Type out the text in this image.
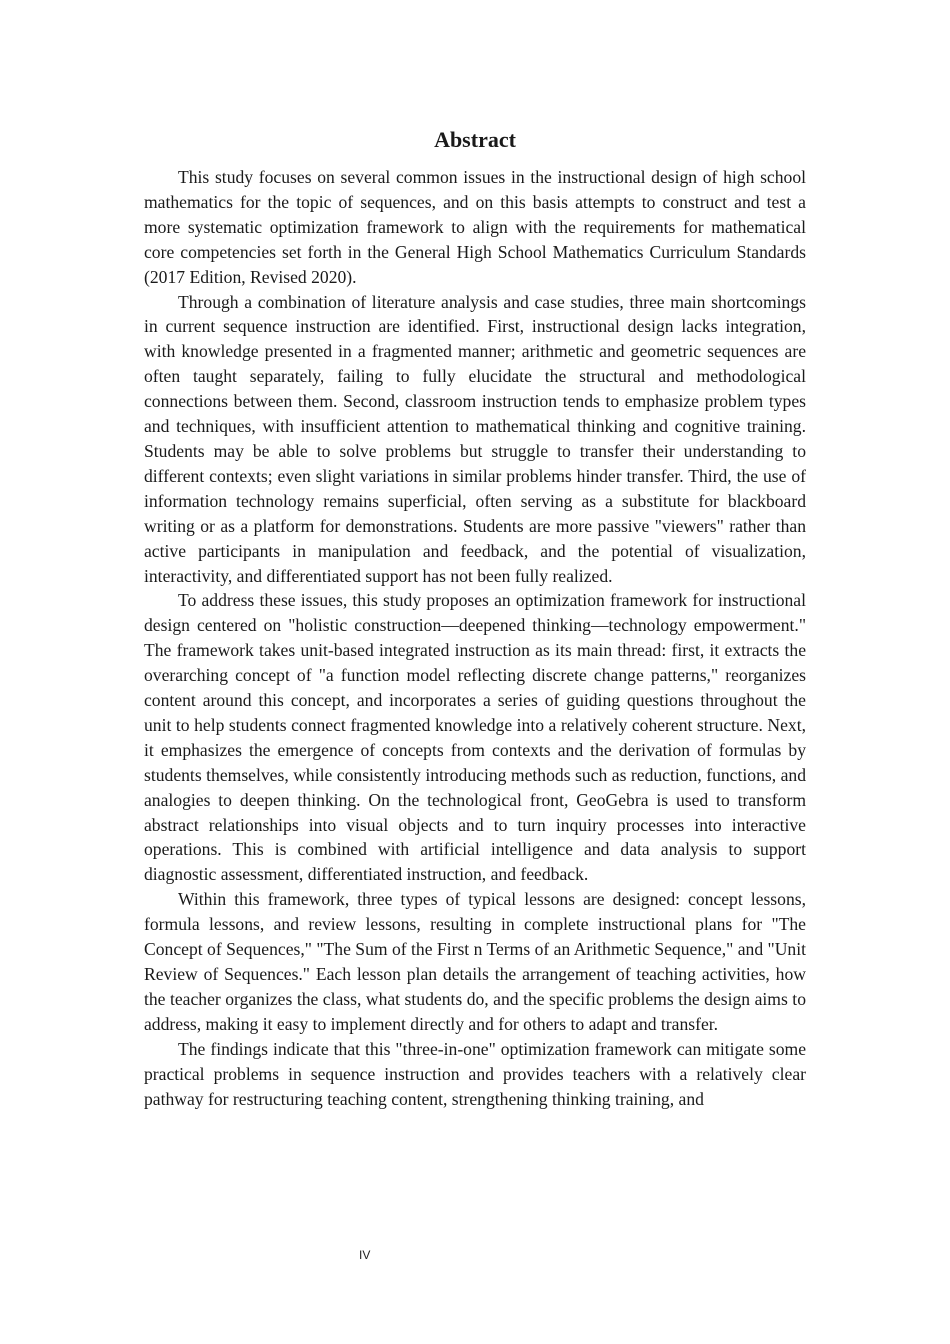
Abstract

This study focuses on several common issues in the instructional design of high school mathematics for the topic of sequences, and on this basis attempts to construct and test a more systematic optimization framework to align with the requirements for mathematical core competencies set forth in the General High School Mathematics Curriculum Standards (2017 Edition, Revised 2020).

Through a combination of literature analysis and case studies, three main shortcomings in current sequence instruction are identified. First, instructional design lacks integration, with knowledge presented in a fragmented manner; arithmetic and geometric sequences are often taught separately, failing to fully elucidate the structural and methodological connections between them. Second, classroom instruction tends to emphasize problem types and techniques, with insufficient attention to mathematical thinking and cognitive training. Students may be able to solve problems but struggle to transfer their understanding to different contexts; even slight variations in similar problems hinder transfer. Third, the use of information technology remains superficial, often serving as a substitute for blackboard writing or as a platform for demonstrations. Students are more passive "viewers" rather than active participants in manipulation and feedback, and the potential of visualization, interactivity, and differentiated support has not been fully realized.

To address these issues, this study proposes an optimization framework for instructional design centered on "holistic construction—deepened thinking—technology empowerment." The framework takes unit-based integrated instruction as its main thread: first, it extracts the overarching concept of "a function model reflecting discrete change patterns," reorganizes content around this concept, and incorporates a series of guiding questions throughout the unit to help students connect fragmented knowledge into a relatively coherent structure. Next, it emphasizes the emergence of concepts from contexts and the derivation of formulas by students themselves, while consistently introducing methods such as reduction, functions, and analogies to deepen thinking. On the technological front, GeoGebra is used to transform abstract relationships into visual objects and to turn inquiry processes into interactive operations. This is combined with artificial intelligence and data analysis to support diagnostic assessment, differentiated instruction, and feedback.

Within this framework, three types of typical lessons are designed: concept lessons, formula lessons, and review lessons, resulting in complete instructional plans for "The Concept of Sequences," "The Sum of the First n Terms of an Arithmetic Sequence," and "Unit Review of Sequences." Each lesson plan details the arrangement of teaching activities, how the teacher organizes the class, what students do, and the specific problems the design aims to address, making it easy to implement directly and for others to adapt and transfer.

The findings indicate that this "three-in-one" optimization framework can mitigate some practical problems in sequence instruction and provides teachers with a relatively clear pathway for restructuring teaching content, strengthening thinking training, and

IV
